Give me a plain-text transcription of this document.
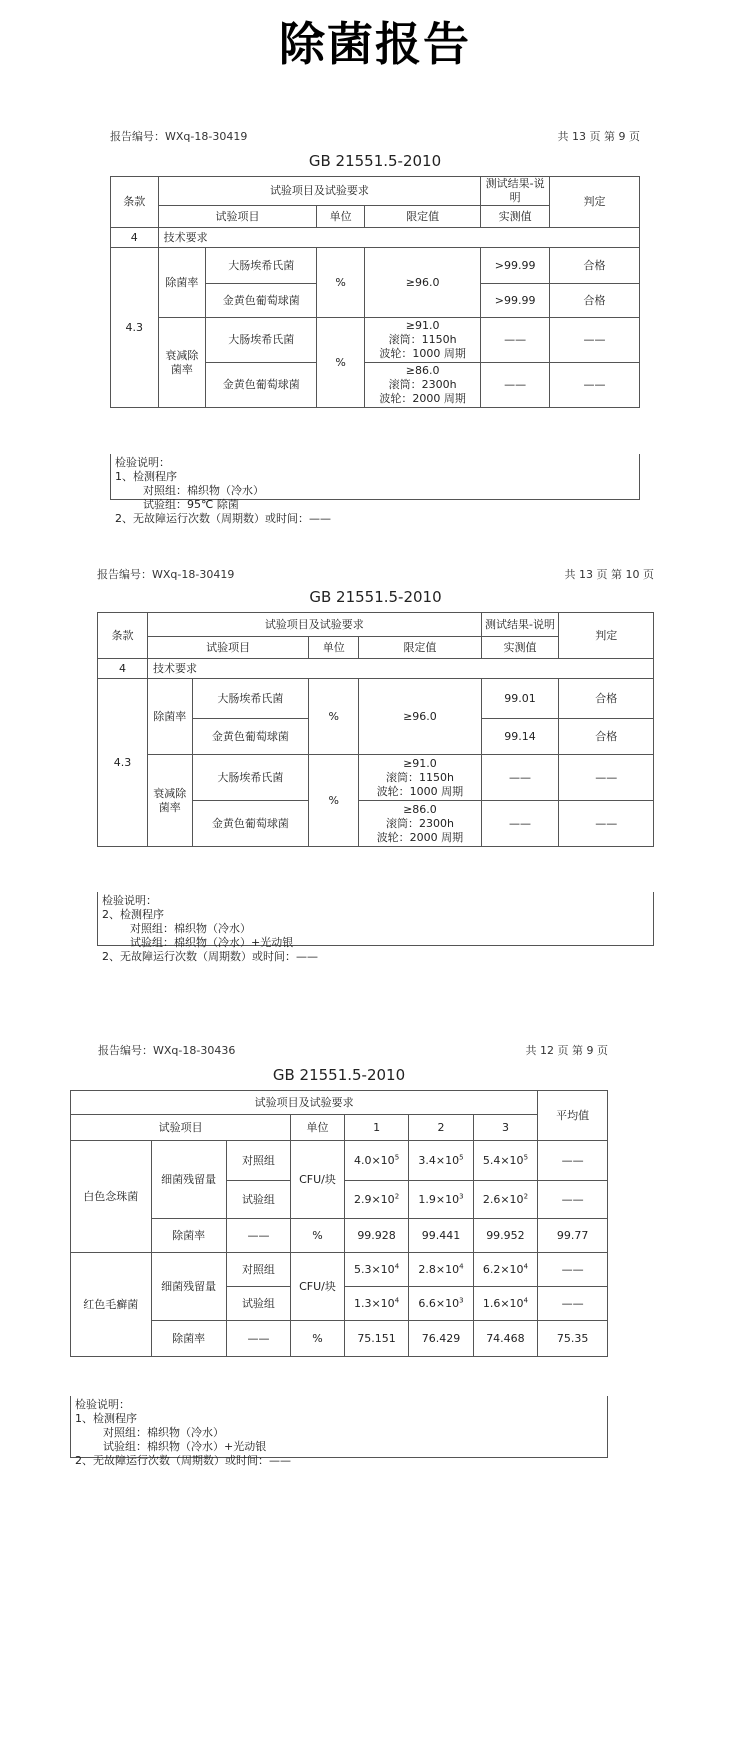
除菌报告
报告编号：WXq-18-30419	共 13 页 第 9 页
GB 21551.5-2010
条款	试验项目及试验要求				测试结果-说明	判定
	试验项目		单位	限定值	实测值	
4	技术要求					
4.3	除菌率	大肠埃希氏菌	%	≥96.0	>99.99	合格
		金黄色葡萄球菌			>99.99	合格
	衰减除菌率	大肠埃希氏菌	%	≥91.0
滚筒：1150h
波轮：1000 周期	——	——
		金黄色葡萄球菌		≥86.0
滚筒：2300h
波轮：2000 周期	——	——
检验说明：
1、检测程序
对照组：棉织物（冷水）
试验组：95℃ 除菌
2、无故障运行次数（周期数）或时间：——
报告编号：WXq-18-30419	共 13 页 第 10 页
GB 21551.5-2010
条款	试验项目及试验要求				测试结果-说明	判定
	试验项目		单位	限定值	实测值	
4	技术要求					
4.3	除菌率	大肠埃希氏菌	%	≥96.0	99.01	合格
		金黄色葡萄球菌			99.14	合格
	衰减除菌率	大肠埃希氏菌	%	≥91.0
滚筒：1150h
波轮：1000 周期	——	——
		金黄色葡萄球菌		≥86.0
滚筒：2300h
波轮：2000 周期	——	——
检验说明：
2、检测程序
对照组：棉织物（冷水）
试验组：棉织物（冷水）+光动银
2、无故障运行次数（周期数）或时间：——
报告编号：WXq-18-30436	共 12 页 第 9 页
GB 21551.5-2010
试验项目及试验要求							平均值
试验项目			单位	1	2	3	
白色念珠菌	细菌残留量	对照组	CFU/块	$4.0\times 10^5$	$3.4\times 10^5$	$5.4\times 10^5$	——
		试验组		$2.9\times 10^2$	$1.9\times 10^3$	$2.6\times 10^2$	——
	除菌率	——	%	99.928	99.441	99.952	99.77
红色毛癣菌	细菌残留量	对照组	CFU/块	$5.3\times 10^4$	$2.8\times 10^4$	$6.2\times 10^4$	——
		试验组		$1.3\times 10^4$	$6.6\times 10^3$	$1.6\times 10^4$	——
	除菌率	——	%	75.151	76.429	74.468	75.35
检验说明：
1、检测程序
对照组：棉织物（冷水）
试验组：棉织物（冷水）+光动银
2、无故障运行次数（周期数）或时间：——
